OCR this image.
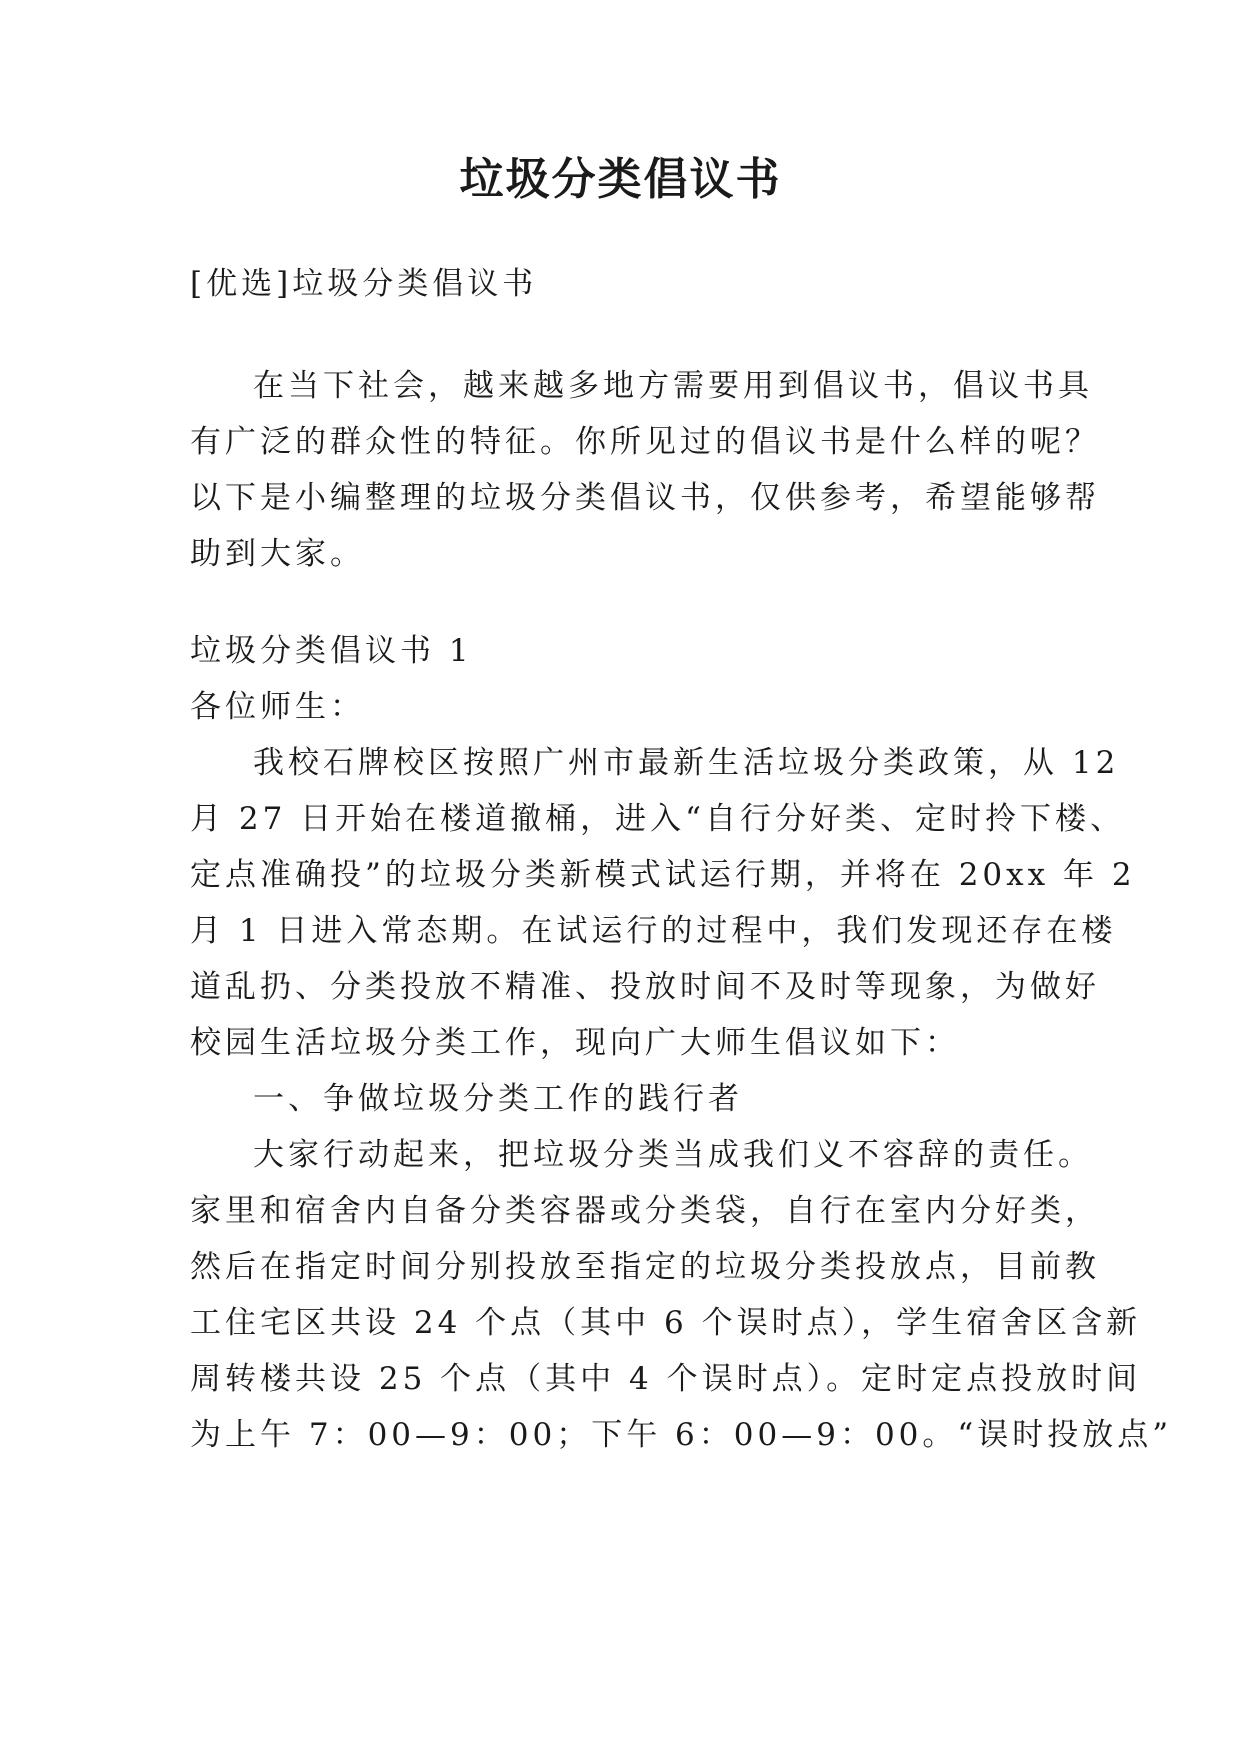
垃圾分类倡议书
[优选]垃圾分类倡议书
在当下社会，越来越多地方需要用到倡议书，倡议书具
有广泛的群众性的特征。你所见过的倡议书是什么样的呢？
以下是小编整理的垃圾分类倡议书，仅供参考，希望能够帮
助到大家。
垃圾分类倡议书 1
各位师生：
我校石牌校区按照广州市最新生活垃圾分类政策，从 12
月 27 日开始在楼道撤桶，进入“自行分好类、定时拎下楼、
定点准确投”的垃圾分类新模式试运行期，并将在 20xx 年 2
月 1 日进入常态期。在试运行的过程中，我们发现还存在楼
道乱扔、分类投放不精准、投放时间不及时等现象，为做好
校园生活垃圾分类工作，现向广大师生倡议如下：
一、争做垃圾分类工作的践行者
大家行动起来，把垃圾分类当成我们义不容辞的责任。
家里和宿舍内自备分类容器或分类袋，自行在室内分好类，
然后在指定时间分别投放至指定的垃圾分类投放点，目前教
工住宅区共设 24 个点（其中 6 个误时点），学生宿舍区含新
周转楼共设 25 个点（其中 4 个误时点）。定时定点投放时间
为上午 7：00—9：00；下午 6：00—9：00。“误时投放点”
